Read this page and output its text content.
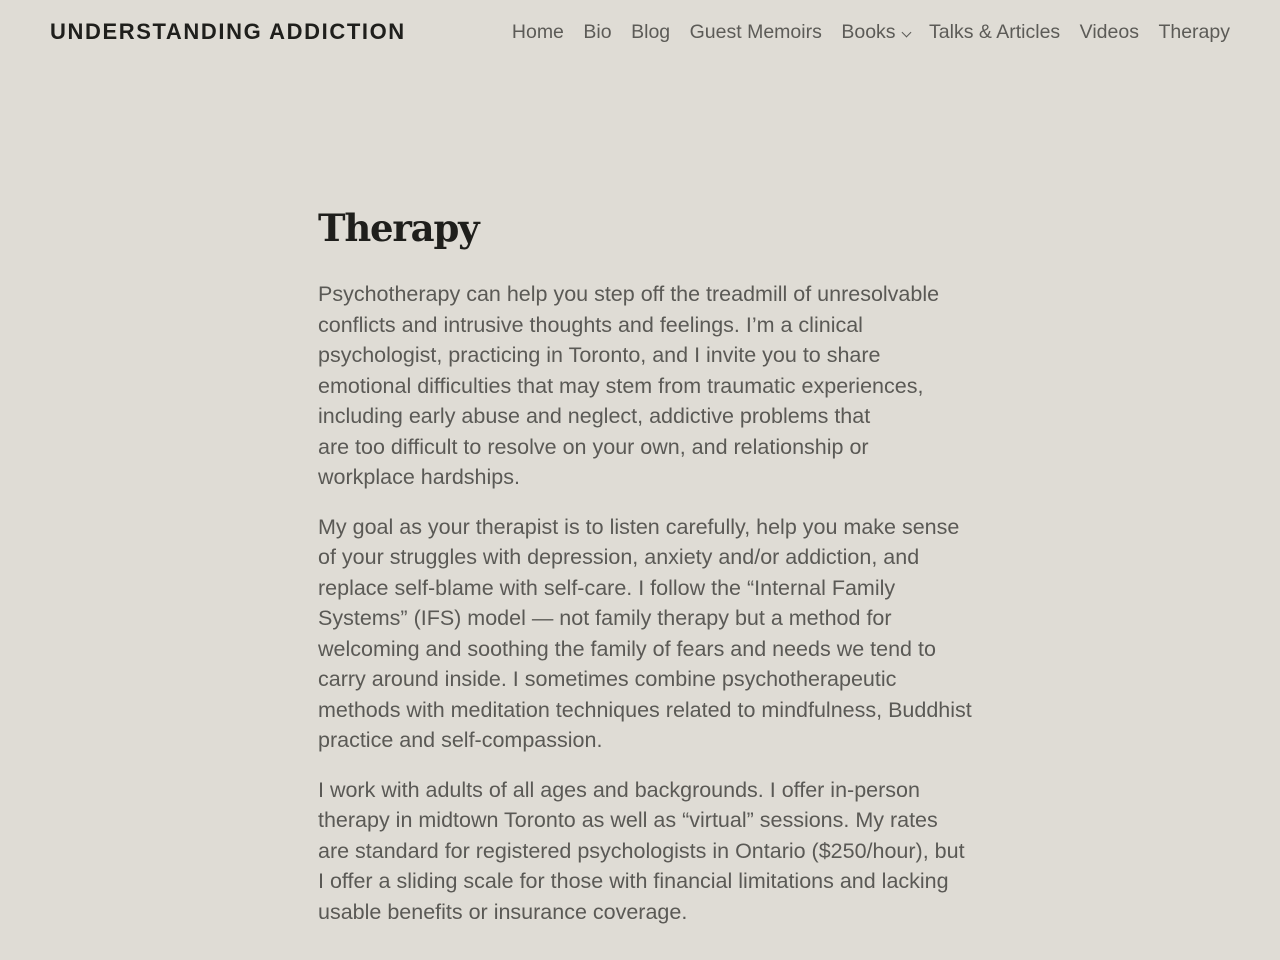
UNDERSTANDING ADDICTION	Home Bio Blog Guest Memoirs Books Talks & Articles Videos Therapy
Therapy

Psychotherapy can help you step off the treadmill of unresolvable
conflicts and intrusive thoughts and feelings. I’m a clinical
psychologist, practicing in Toronto, and I invite you to share
emotional difficulties that may stem from traumatic experiences,
including early abuse and neglect, addictive problems that
are too difficult to resolve on your own, and relationship or
workplace hardships.

My goal as your therapist is to listen carefully, help you make sense
of your struggles with depression, anxiety and/or addiction, and
replace self-blame with self-care. I follow the “Internal Family
Systems” (IFS) model — not family therapy but a method for
welcoming and soothing the family of fears and needs we tend to
carry around inside. I sometimes combine psychotherapeutic
methods with meditation techniques related to mindfulness, Buddhist
practice and self-compassion.

I work with adults of all ages and backgrounds. I offer in-person
therapy in midtown Toronto as well as “virtual” sessions. My rates
are standard for registered psychologists in Ontario ($250/hour), but
I offer a sliding scale for those with financial limitations and lacking
usable benefits or insurance coverage.
